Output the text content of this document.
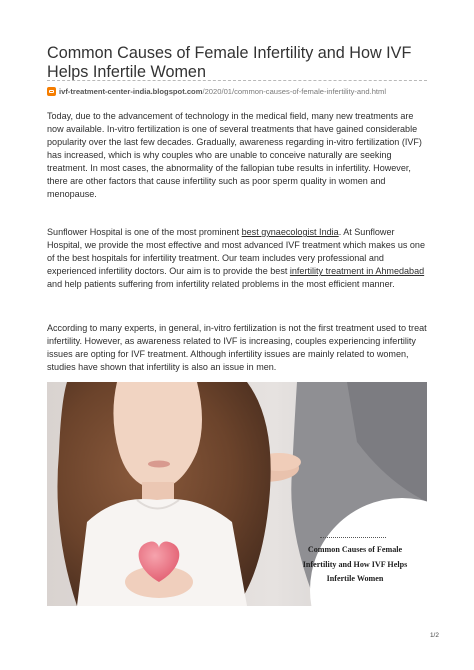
Common Causes of Female Infertility and How IVF Helps Infertile Women
ivf-treatment-center-india.blogspot.com/2020/01/common-causes-of-female-infertility-and.html

Today, due to the advancement of technology in the medical field, many new treatments are now available. In-vitro fertilization is one of several treatments that have gained considerable popularity over the last few decades. Gradually, awareness regarding in-vitro fertilization (IVF) has increased, which is why couples who are unable to conceive naturally are seeking treatment. In most cases, the abnormality of the fallopian tube results in infertility. However, there are other factors that cause infertility such as poor sperm quality in women and menopause.

Sunflower Hospital is one of the most prominent best gynaecologist India. At Sunflower Hospital, we provide the most effective and most advanced IVF treatment which makes us one of the best hospitals for infertility treatment. Our team includes very professional and experienced infertility doctors. Our aim is to provide the best infertility treatment in Ahmedabad and help patients suffering from infertility related problems in the most efficient manner.

According to many experts, in general, in-vitro fertilization is not the first treatment used to treat infertility. However, as awareness related to IVF is increasing, couples experiencing infertility issues are opting for IVF treatment. Although infertility issues are mainly related to women, studies have shown that infertility is also an issue in men.

Common Causes of Female Infertility and How IVF Helps Infertile Women
1/2
